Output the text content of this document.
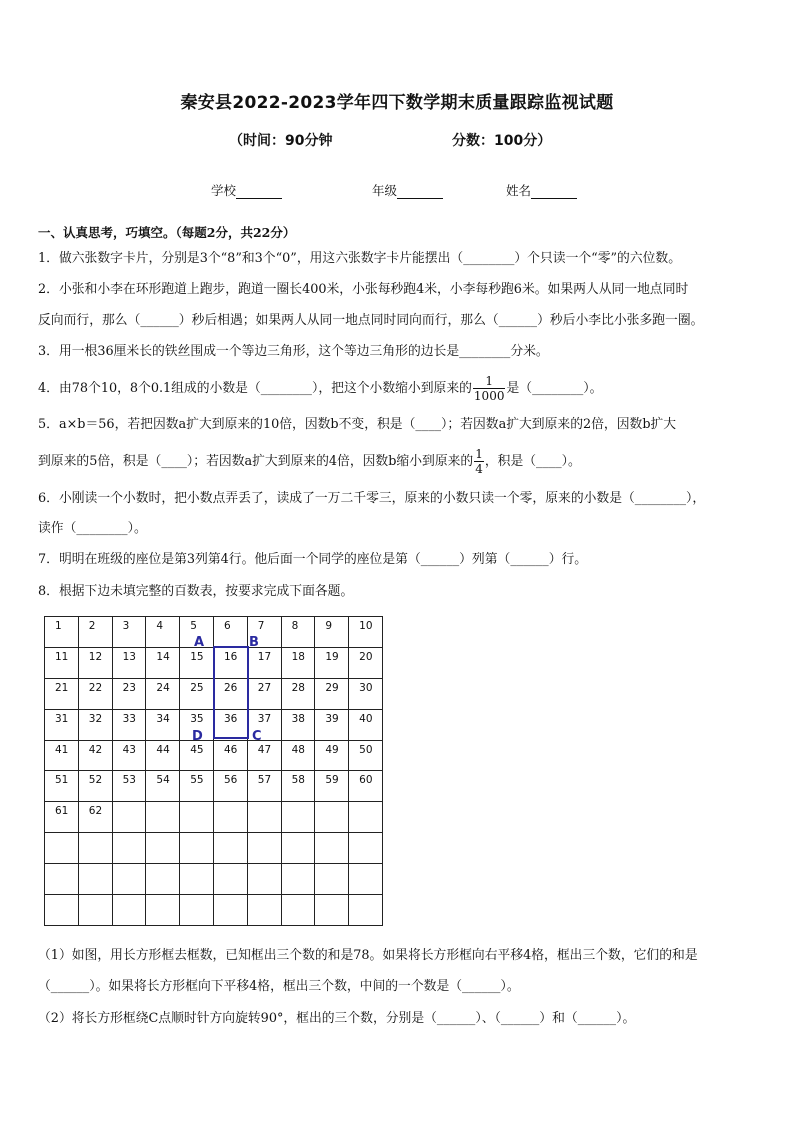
秦安县2022-2023学年四下数学期末质量跟踪监视试题
（时间：90分钟	分数：100分）
学校	年级	姓名
一、认真思考，巧填空。（每题2分，共22分）
1．做六张数字卡片，分别是3个“8”和3个“0”，用这六张数字卡片能摆出（________）个只读一个“零”的六位数。
2．小张和小李在环形跑道上跑步，跑道一圈长400米，小张每秒跑4米，小李每秒跑6米。如果两人从同一地点同时
反向而行，那么（______）秒后相遇；如果两人从同一地点同时同向而行，那么（______）秒后小李比小张多跑一圈。
3．用一根36厘米长的铁丝围成一个等边三角形，这个等边三角形的边长是________分米。
4．由78个10，8个0.1组成的小数是（________），把这个小数缩小到原来的 $\frac{1}{1000}$ 是（________）。
5．a×b＝56，若把因数a扩大到原来的10倍，因数b不变，积是（____）；若因数a扩大到原来的2倍，因数b扩大
到原来的5倍，积是（____）；若因数a扩大到原来的4倍，因数b缩小到原来的 $\frac{1}{4}$ ，积是（____）。
6．小刚读一个小数时，把小数点弄丢了，读成了一万二千零三，原来的小数只读一个零，原来的小数是（________），
读作（________）。
7．明明在班级的座位是第3列第4行。他后面一个同学的座位是第（______）列第（______）行。
8．根据下边未填完整的百数表，按要求完成下面各题。
1	2	3	4	5	6	7	8	9	10
11	12	13	14	15	16	17	18	19	20
21	22	23	24	25	26	27	28	29	30
31	32	33	34	35	36	37	38	39	40
41	42	43	44	45	46	47	48	49	50
51	52	53	54	55	56	57	58	59	60
61	62								

A	B
C
D
（1）如图，用长方形框去框数，已知框出三个数的和是78。如果将长方形框向右平移4格，框出三个数，它们的和是
（______）。如果将长方形框向下平移4格，框出三个数，中间的一个数是（______）。
（2）将长方形框绕C点顺时针方向旋转90°，框出的三个数，分别是（______）、（______）和（______）。
